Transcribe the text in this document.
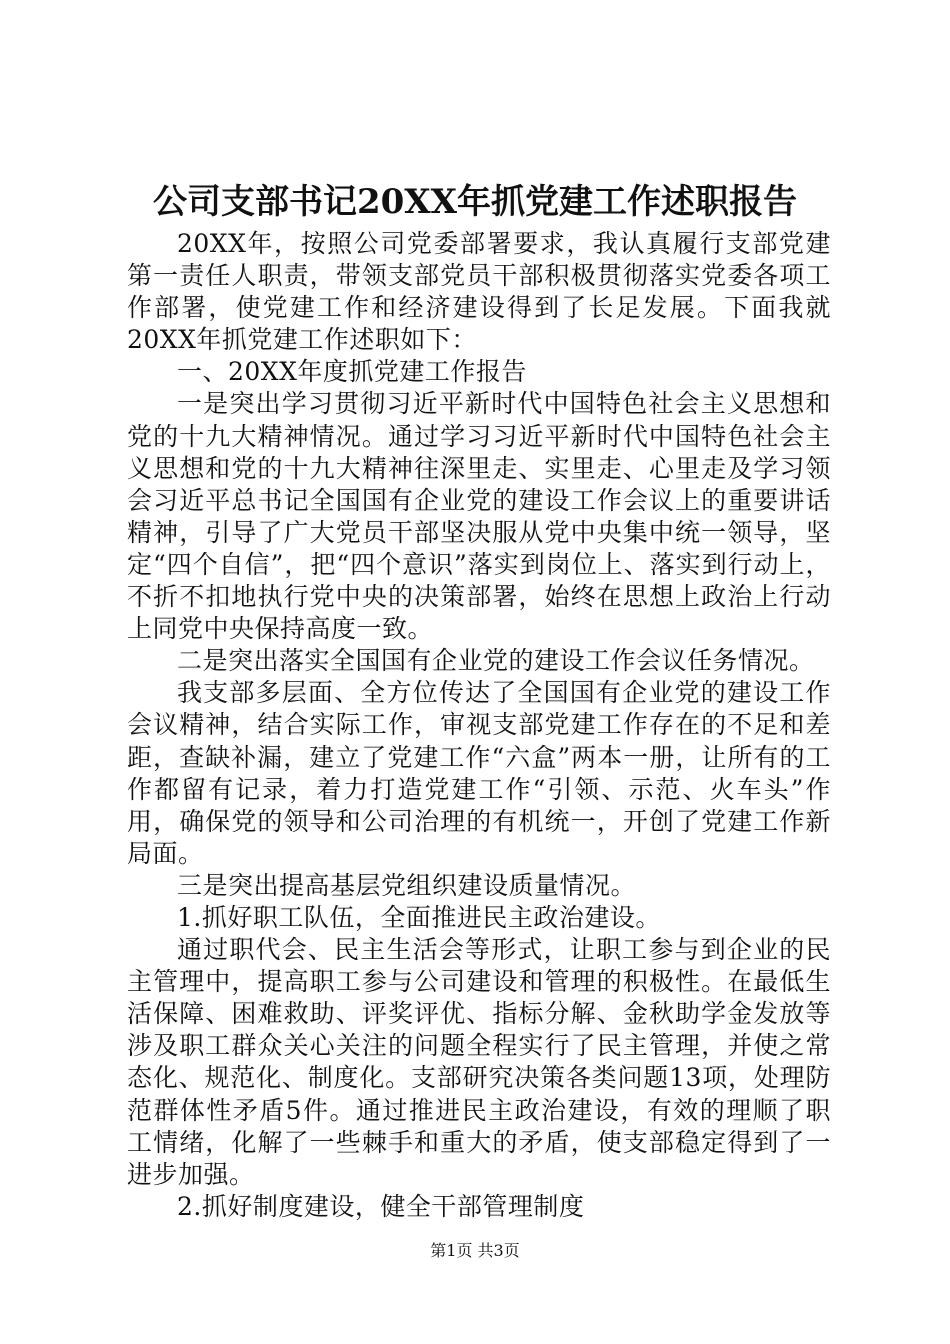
公司支部书记20XX年抓党建工作述职报告

20XX年，按照公司党委部署要求，我认真履行支部党建第一责任人职责，带领支部党员干部积极贯彻落实党委各项工作部署，使党建工作和经济建设得到了长足发展。下面我就20XX年抓党建工作述职如下：

一、20XX年度抓党建工作报告

一是突出学习贯彻习近平新时代中国特色社会主义思想和党的十九大精神情况。通过学习习近平新时代中国特色社会主义思想和党的十九大精神往深里走、实里走、心里走及学习领会习近平总书记全国国有企业党的建设工作会议上的重要讲话精神，引导了广大党员干部坚决服从党中央集中统一领导，坚定“四个自信”，把“四个意识”落实到岗位上、落实到行动上，不折不扣地执行党中央的决策部署，始终在思想上政治上行动上同党中央保持高度一致。

二是突出落实全国国有企业党的建设工作会议任务情况。

我支部多层面、全方位传达了全国国有企业党的建设工作会议精神，结合实际工作，审视支部党建工作存在的不足和差距，查缺补漏，建立了党建工作“六盒”两本一册，让所有的工作都留有记录，着力打造党建工作“引领、示范、火车头”作用，确保党的领导和公司治理的有机统一，开创了党建工作新局面。

三是突出提高基层党组织建设质量情况。

1.抓好职工队伍，全面推进民主政治建设。

通过职代会、民主生活会等形式，让职工参与到企业的民主管理中，提高职工参与公司建设和管理的积极性。在最低生活保障、困难救助、评奖评优、指标分解、金秋助学金发放等涉及职工群众关心关注的问题全程实行了民主管理，并使之常态化、规范化、制度化。支部研究决策各类问题13项，处理防范群体性矛盾5件。通过推进民主政治建设，有效的理顺了职工情绪，化解了一些棘手和重大的矛盾，使支部稳定得到了一进步加强。

2.抓好制度建设，健全干部管理制度

第1页 共3页
